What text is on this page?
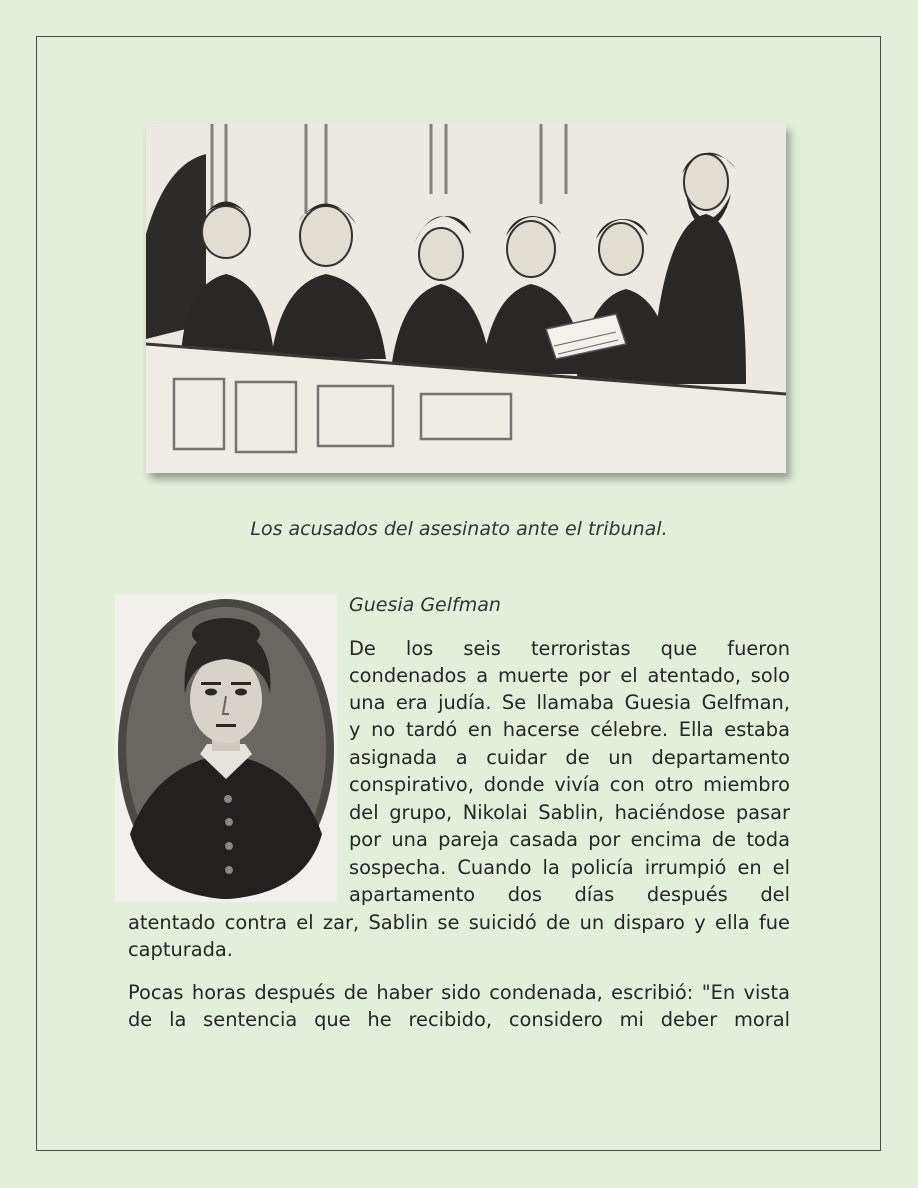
Los acusados del asesinato ante el tribunal.
Guesia Gelfman
De los seis terroristas que fueron
condenados a muerte por el atentado, solo
una era judía. Se llamaba Guesia Gelfman,
y no tardó en hacerse célebre. Ella estaba
asignada a cuidar de un departamento
conspirativo, donde vivía con otro miembro
del grupo, Nikolai Sablin, haciéndose pasar
por una pareja casada por encima de toda
sospecha. Cuando la policía irrumpió en el
apartamento dos días después del
atentado contra el zar, Sablin se suicidó de un disparo y ella fue
capturada.
Pocas horas después de haber sido condenada, escribió: "En vista
de la sentencia que he recibido, considero mi deber moral
